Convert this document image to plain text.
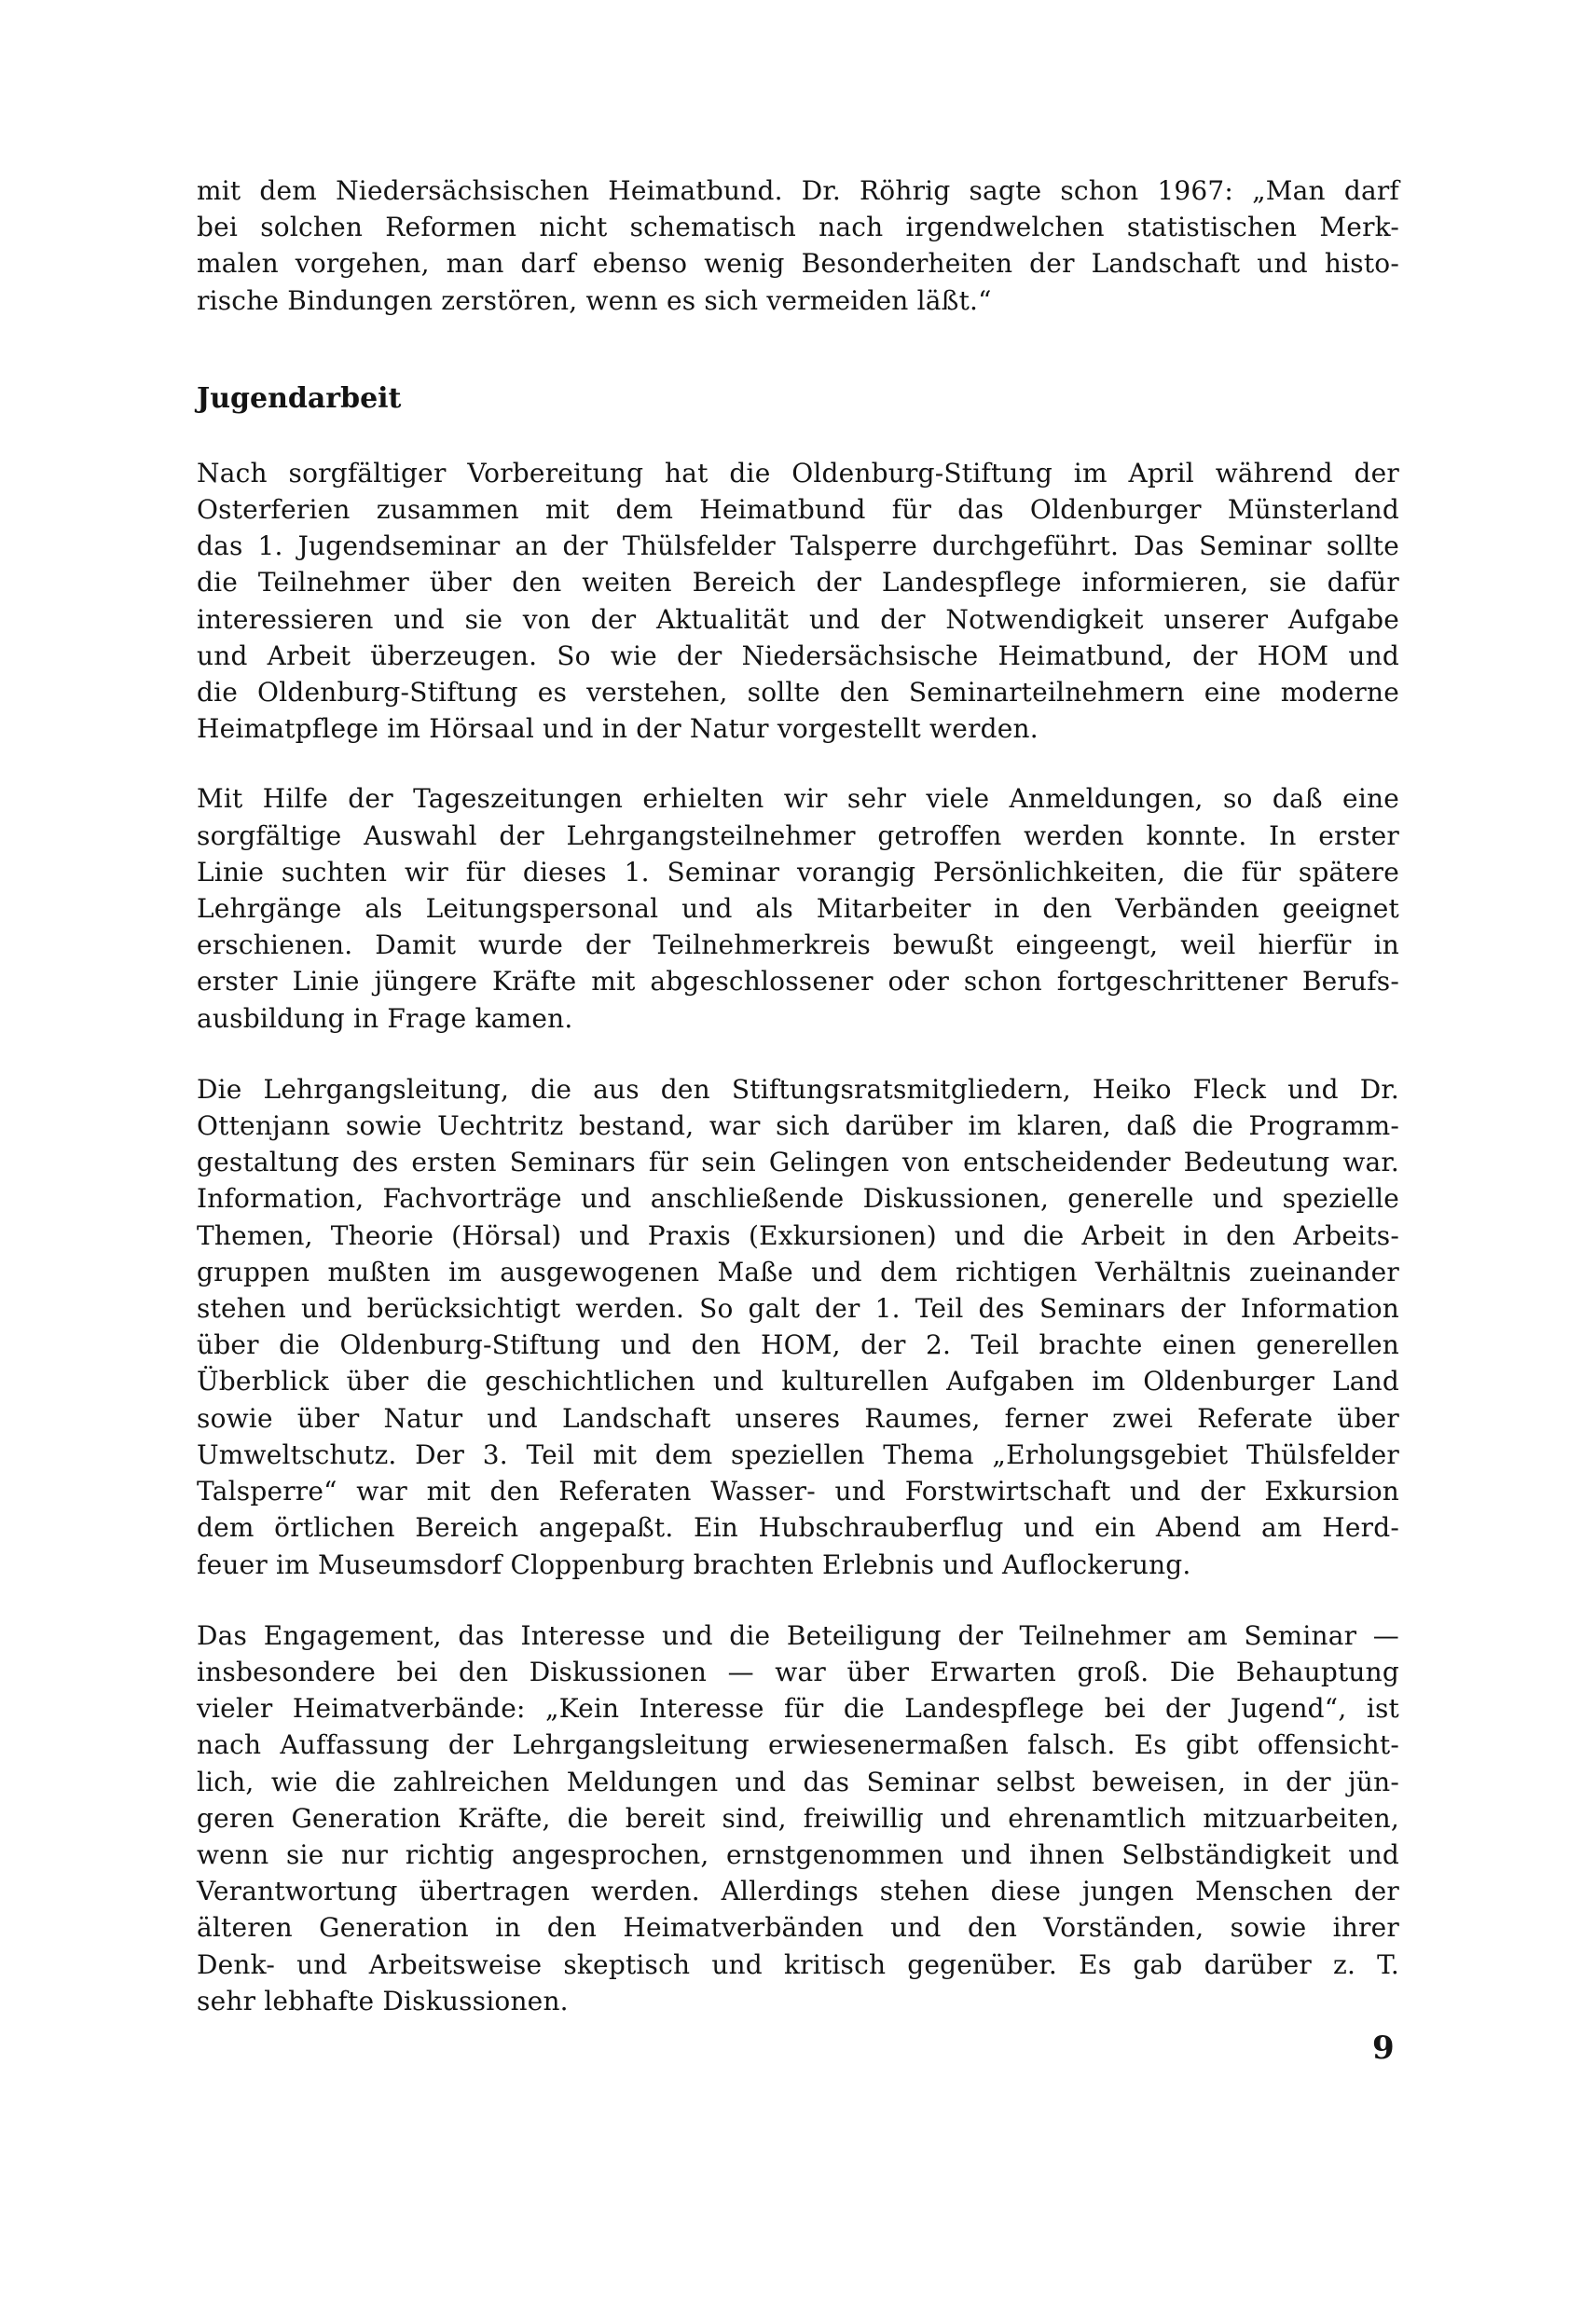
mit dem Niedersächsischen Heimatbund. Dr. Röhrig sagte schon 1967: „Man darf
bei solchen Reformen nicht schematisch nach irgendwelchen statistischen Merk-
malen vorgehen, man darf ebenso wenig Besonderheiten der Landschaft und histo-
rische Bindungen zerstören, wenn es sich vermeiden läßt.“

Jugendarbeit

Nach sorgfältiger Vorbereitung hat die Oldenburg-Stiftung im April während der
Osterferien zusammen mit dem Heimatbund für das Oldenburger Münsterland
das 1. Jugendseminar an der Thülsfelder Talsperre durchgeführt. Das Seminar sollte
die Teilnehmer über den weiten Bereich der Landespflege informieren, sie dafür
interessieren und sie von der Aktualität und der Notwendigkeit unserer Aufgabe
und Arbeit überzeugen. So wie der Niedersächsische Heimatbund, der HOM und
die Oldenburg-Stiftung es verstehen, sollte den Seminarteilnehmern eine moderne
Heimatpflege im Hörsaal und in der Natur vorgestellt werden.

Mit Hilfe der Tageszeitungen erhielten wir sehr viele Anmeldungen, so daß eine
sorgfältige Auswahl der Lehrgangsteilnehmer getroffen werden konnte. In erster
Linie suchten wir für dieses 1. Seminar vorangig Persönlichkeiten, die für spätere
Lehrgänge als Leitungspersonal und als Mitarbeiter in den Verbänden geeignet
erschienen. Damit wurde der Teilnehmerkreis bewußt eingeengt, weil hierfür in
erster Linie jüngere Kräfte mit abgeschlossener oder schon fortgeschrittener Berufs-
ausbildung in Frage kamen.

Die Lehrgangsleitung, die aus den Stiftungsratsmitgliedern, Heiko Fleck und Dr.
Ottenjann sowie Uechtritz bestand, war sich darüber im klaren, daß die Programm-
gestaltung des ersten Seminars für sein Gelingen von entscheidender Bedeutung war.
Information, Fachvorträge und anschließende Diskussionen, generelle und spezielle
Themen, Theorie (Hörsal) und Praxis (Exkursionen) und die Arbeit in den Arbeits-
gruppen mußten im ausgewogenen Maße und dem richtigen Verhältnis zueinander
stehen und berücksichtigt werden. So galt der 1. Teil des Seminars der Information
über die Oldenburg-Stiftung und den HOM, der 2. Teil brachte einen generellen
Überblick über die geschichtlichen und kulturellen Aufgaben im Oldenburger Land
sowie über Natur und Landschaft unseres Raumes, ferner zwei Referate über
Umweltschutz. Der 3. Teil mit dem speziellen Thema „Erholungsgebiet Thülsfelder
Talsperre“ war mit den Referaten Wasser- und Forstwirtschaft und der Exkursion
dem örtlichen Bereich angepaßt. Ein Hubschrauberflug und ein Abend am Herd-
feuer im Museumsdorf Cloppenburg brachten Erlebnis und Auflockerung.

Das Engagement, das Interesse und die Beteiligung der Teilnehmer am Seminar —
insbesondere bei den Diskussionen — war über Erwarten groß. Die Behauptung
vieler Heimatverbände: „Kein Interesse für die Landespflege bei der Jugend“, ist
nach Auffassung der Lehrgangsleitung erwiesenermaßen falsch. Es gibt offensicht-
lich, wie die zahlreichen Meldungen und das Seminar selbst beweisen, in der jün-
geren Generation Kräfte, die bereit sind, freiwillig und ehrenamtlich mitzuarbeiten,
wenn sie nur richtig angesprochen, ernstgenommen und ihnen Selbständigkeit und
Verantwortung übertragen werden. Allerdings stehen diese jungen Menschen der
älteren Generation in den Heimatverbänden und den Vorständen, sowie ihrer
Denk- und Arbeitsweise skeptisch und kritisch gegenüber. Es gab darüber z. T.
sehr lebhafte Diskussionen.

9
